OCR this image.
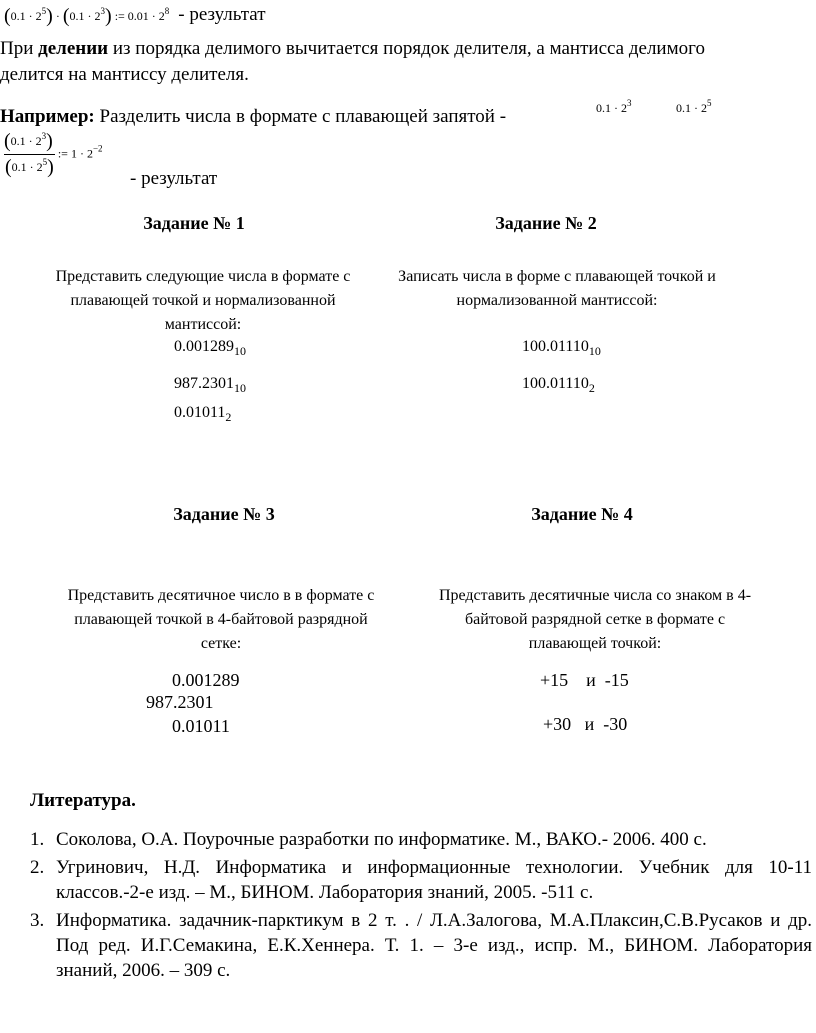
$(0.1 \cdot 2^5) \cdot (0.1 \cdot 2^3)$ := $0.01 \cdot 2^8$ - результат
При делении из порядка делимого вычитается порядок делителя, а мантисса делимого
делится на мантиссу делителя.
Например: Разделить числа в формате с плавающей запятой -	$0.1 \cdot 2^3$	$0.1 \cdot 2^5$
$\frac{(0.1 \cdot 2^3)}{(0.1 \cdot 2^5)}$ := $1 \cdot 2^{-2}$
- результат
Задание № 1
Представить следующие числа в формате с плавающей точкой и нормализованной мантиссой:
$0.001289_{10}$
$987.2301_{10}$
$0.01011_2$
Задание № 2
Записать числа в форме с плавающей точкой и нормализованной мантиссой:
$100.01110_{10}$
$100.01110_2$
Задание № 3
Представить десятичное число в в формате с плавающей точкой в 4-байтовой разрядной сетке:
0.001289
987.2301
0.01011
Задание № 4
Представить десятичные числа со знаком в 4-байтовой разрядной сетке в формате с плавающей точкой:
+15    и  -15
+30   и  -30
Литература.
1. Соколова, О.А. Поурочные разработки по информатике. М., ВАКО.- 2006. 400 с.
2. Угринович, Н.Д. Информатика и информационные технологии. Учебник для 10-11 классов.-2-е изд. – М., БИНОМ. Лаборатория знаний, 2005. -511 с.
3. Информатика. задачник-парктикум в 2 т. . / Л.А.Залогова, М.А.Плаксин,С.В.Русаков и др. Под ред. И.Г.Семакина, Е.К.Хеннера. Т. 1. – 3-е изд., испр. М., БИНОМ. Лаборатория знаний, 2006. – 309 с.
